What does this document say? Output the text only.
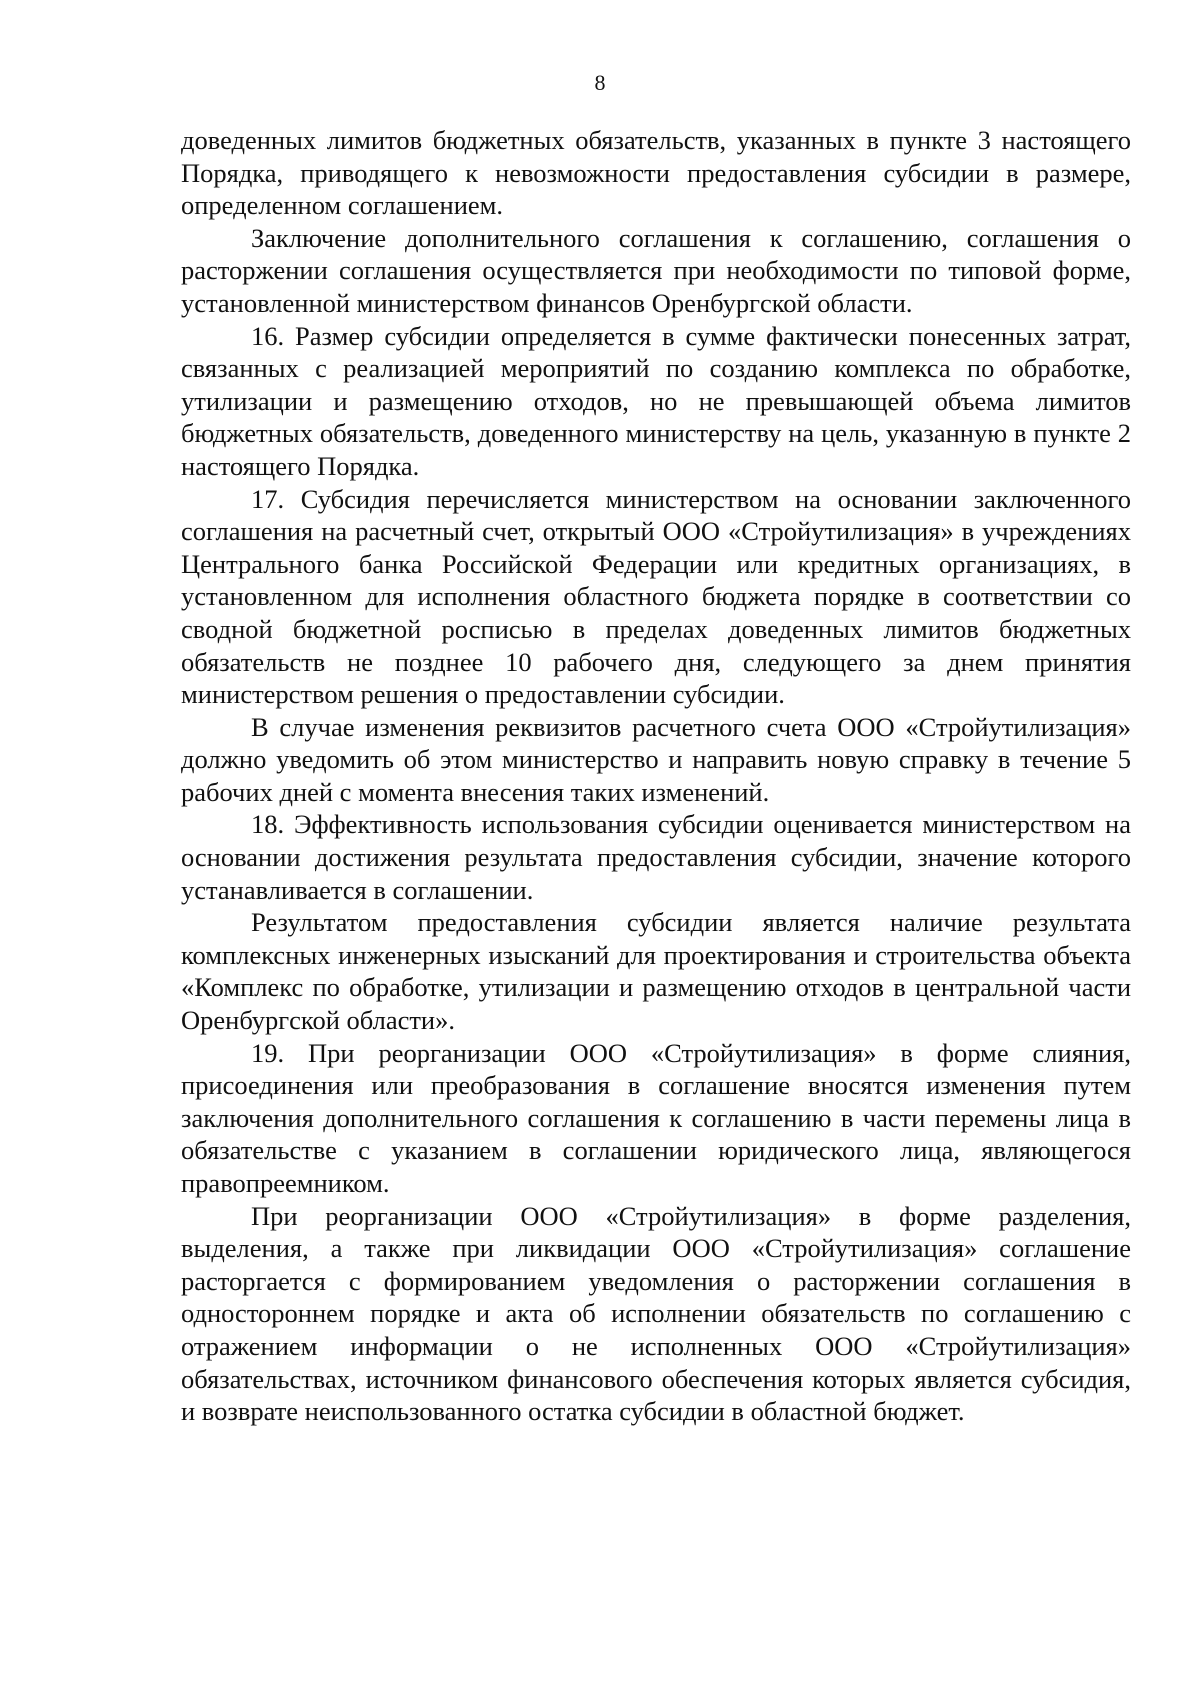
8

доведенных лимитов бюджетных обязательств, указанных в пункте 3 настоящего Порядка, приводящего к невозможности предоставления субсидии в размере, определенном соглашением.

Заключение дополнительного соглашения к соглашению, соглашения о расторжении соглашения осуществляется при необходимости по типовой форме, установленной министерством финансов Оренбургской области.

16. Размер субсидии определяется в сумме фактически понесенных затрат, связанных с реализацией мероприятий по созданию комплекса по обработке, утилизации и размещению отходов, но не превышающей объема лимитов бюджетных обязательств, доведенного министерству на цель, указанную в пункте 2 настоящего Порядка.

17. Субсидия перечисляется министерством на основании заключенного соглашения на расчетный счет, открытый ООО «Стройутилизация» в учреждениях Центрального банка Российской Федерации или кредитных организациях, в установленном для исполнения областного бюджета порядке в соответствии со сводной бюджетной росписью в пределах доведенных лимитов бюджетных обязательств не позднее 10 рабочего дня, следующего за днем принятия министерством решения о предоставлении субсидии.

В случае изменения реквизитов расчетного счета ООО «Стройутилизация» должно уведомить об этом министерство и направить новую справку в течение 5 рабочих дней с момента внесения таких изменений.

18. Эффективность использования субсидии оценивается министерством на основании достижения результата предоставления субсидии, значение которого устанавливается в соглашении.

Результатом предоставления субсидии является наличие результата комплексных инженерных изысканий для проектирования и строительства объекта «Комплекс по обработке, утилизации и размещению отходов в центральной части Оренбургской области».

19. При реорганизации ООО «Стройутилизация» в форме слияния, присоединения или преобразования в соглашение вносятся изменения путем заключения дополнительного соглашения к соглашению в части перемены лица в обязательстве с указанием в соглашении юридического лица, являющегося правопреемником.

При реорганизации ООО «Стройутилизация» в форме разделения, выделения, а также при ликвидации ООО «Стройутилизация» соглашение расторгается с формированием уведомления о расторжении соглашения в одностороннем порядке и акта об исполнении обязательств по соглашению с отражением информации о не исполненных ООО «Стройутилизация» обязательствах, источником финансового обеспечения которых является субсидия, и возврате неиспользованного остатка субсидии в областной бюджет.
